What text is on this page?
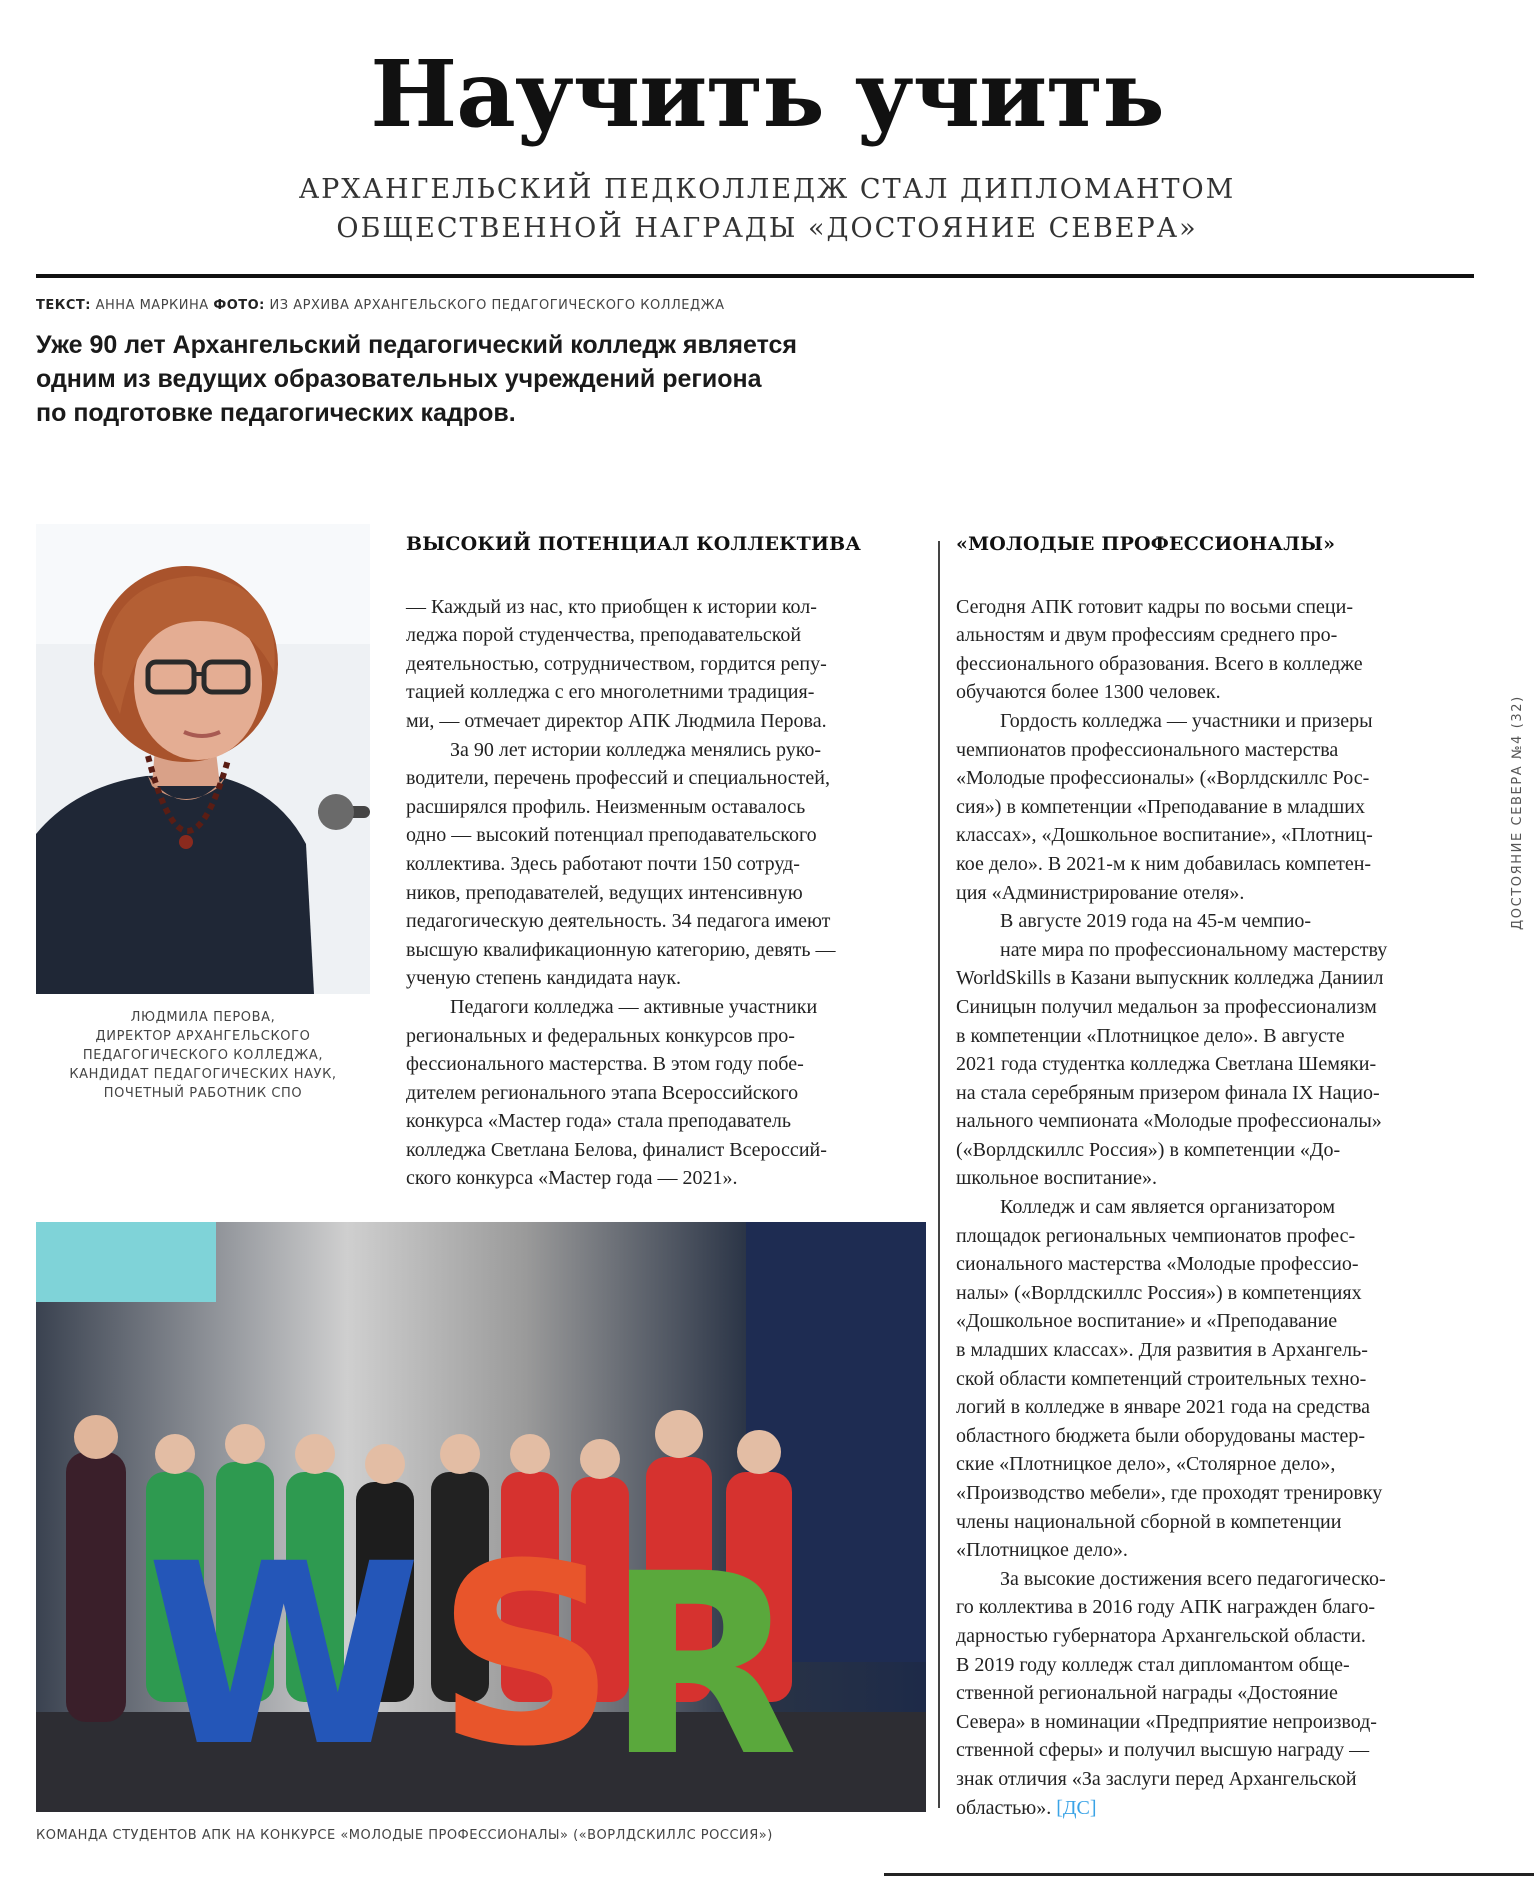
Научить учить
АРХАНГЕЛЬСКИЙ ПЕДКОЛЛЕДЖ СТАЛ ДИПЛОМАНТОМ
ОБЩЕСТВЕННОЙ НАГРАДЫ «ДОСТОЯНИЕ СЕВЕРА»
ТЕКСТ: АННА МАРКИНА ФОТО: ИЗ АРХИВА АРХАНГЕЛЬСКОГО ПЕДАГОГИЧЕСКОГО КОЛЛЕДЖА
Уже 90 лет Архангельский педагогический колледж является
одним из ведущих образовательных учреждений региона
по подготовке педагогических кадров.
ЛЮДМИЛА ПЕРОВА,
ДИРЕКТОР АРХАНГЕЛЬСКОГО
ПЕДАГОГИЧЕСКОГО КОЛЛЕДЖА,
КАНДИДАТ ПЕДАГОГИЧЕСКИХ НАУК,
ПОЧЕТНЫЙ РАБОТНИК СПО
ВЫСОКИЙ ПОТЕНЦИАЛ КОЛЛЕКТИВА
— Каждый из нас, кто приобщен к истории кол-
леджа порой студенчества, преподавательской
деятельностью, сотрудничеством, гордится репу-
тацией колледжа с его многолетними традиция-
ми, — отмечает директор АПК Людмила Перова.
За 90 лет истории колледжа менялись руко-
водители, перечень профессий и специальностей,
расширялся профиль. Неизменным оставалось
одно — высокий потенциал преподавательского
коллектива. Здесь работают почти 150 сотруд-
ников, преподавателей, ведущих интенсивную
педагогическую деятельность. 34 педагога имеют
высшую квалификационную категорию, девять —
ученую степень кандидата наук.
Педагоги колледжа — активные участники
региональных и федеральных конкурсов про-
фессионального мастерства. В этом году побе-
дителем регионального этапа Всероссийского
конкурса «Мастер года» стала преподаватель
колледжа Светлана Белова, финалист Всероссий-
ского конкурса «Мастер года — 2021».
«МОЛОДЫЕ ПРОФЕССИОНАЛЫ»
Сегодня АПК готовит кадры по восьми специ-
альностям и двум профессиям среднего про-
фессионального образования. Всего в колледже
обучаются более 1300 человек.
Гордость колледжа — участники и призеры
чемпионатов профессионального мастерства
«Молодые профессионалы» («Ворлдскиллс Рос-
сия») в компетенции «Преподавание в младших
классах», «Дошкольное воспитание», «Плотниц-
кое дело». В 2021-м к ним добавилась компетен-
ция «Администрирование отеля».
В августе 2019 года на 45-м чемпио-
нате мира по профессиональному мастерству
WorldSkills в Казани выпускник колледжа Даниил
Синицын получил медальон за профессионализм
в компетенции «Плотницкое дело». В августе
2021 года студентка колледжа Светлана Шемяки-
на стала серебряным призером финала IX Нацио-
нального чемпионата «Молодые профессионалы»
(«Ворлдскиллс Россия») в компетенции «До-
школьное воспитание».
Колледж и сам является организатором
площадок региональных чемпионатов профес-
сионального мастерства «Молодые профессио-
налы» («Ворлдскиллс Россия») в компетенциях
«Дошкольное воспитание» и «Преподавание
в младших классах». Для развития в Архангель-
ской области компетенций строительных техно-
логий в колледже в январе 2021 года на средства
областного бюджета были оборудованы мастер-
ские «Плотницкое дело», «Столярное дело»,
«Производство мебели», где проходят тренировку
члены национальной сборной в компетенции
«Плотницкое дело».
За высокие достижения всего педагогическо-
го коллектива в 2016 году АПК награжден благо-
дарностью губернатора Архангельской области.
В 2019 году колледж стал дипломантом обще-
ственной региональной награды «Достояние
Севера» в номинации «Предприятие непроизвод-
ственной сферы» и получил высшую награду —
знак отличия «За заслуги перед Архангельской
областью». [ДС]
W S
R
КОМАНДА СТУДЕНТОВ АПК НА КОНКУРСЕ «МОЛОДЫЕ ПРОФЕССИОНАЛЫ» («ВОРЛДСКИЛЛС РОССИЯ»)
ДОСТОЯНИЕ СЕВЕРА №4 (32)
